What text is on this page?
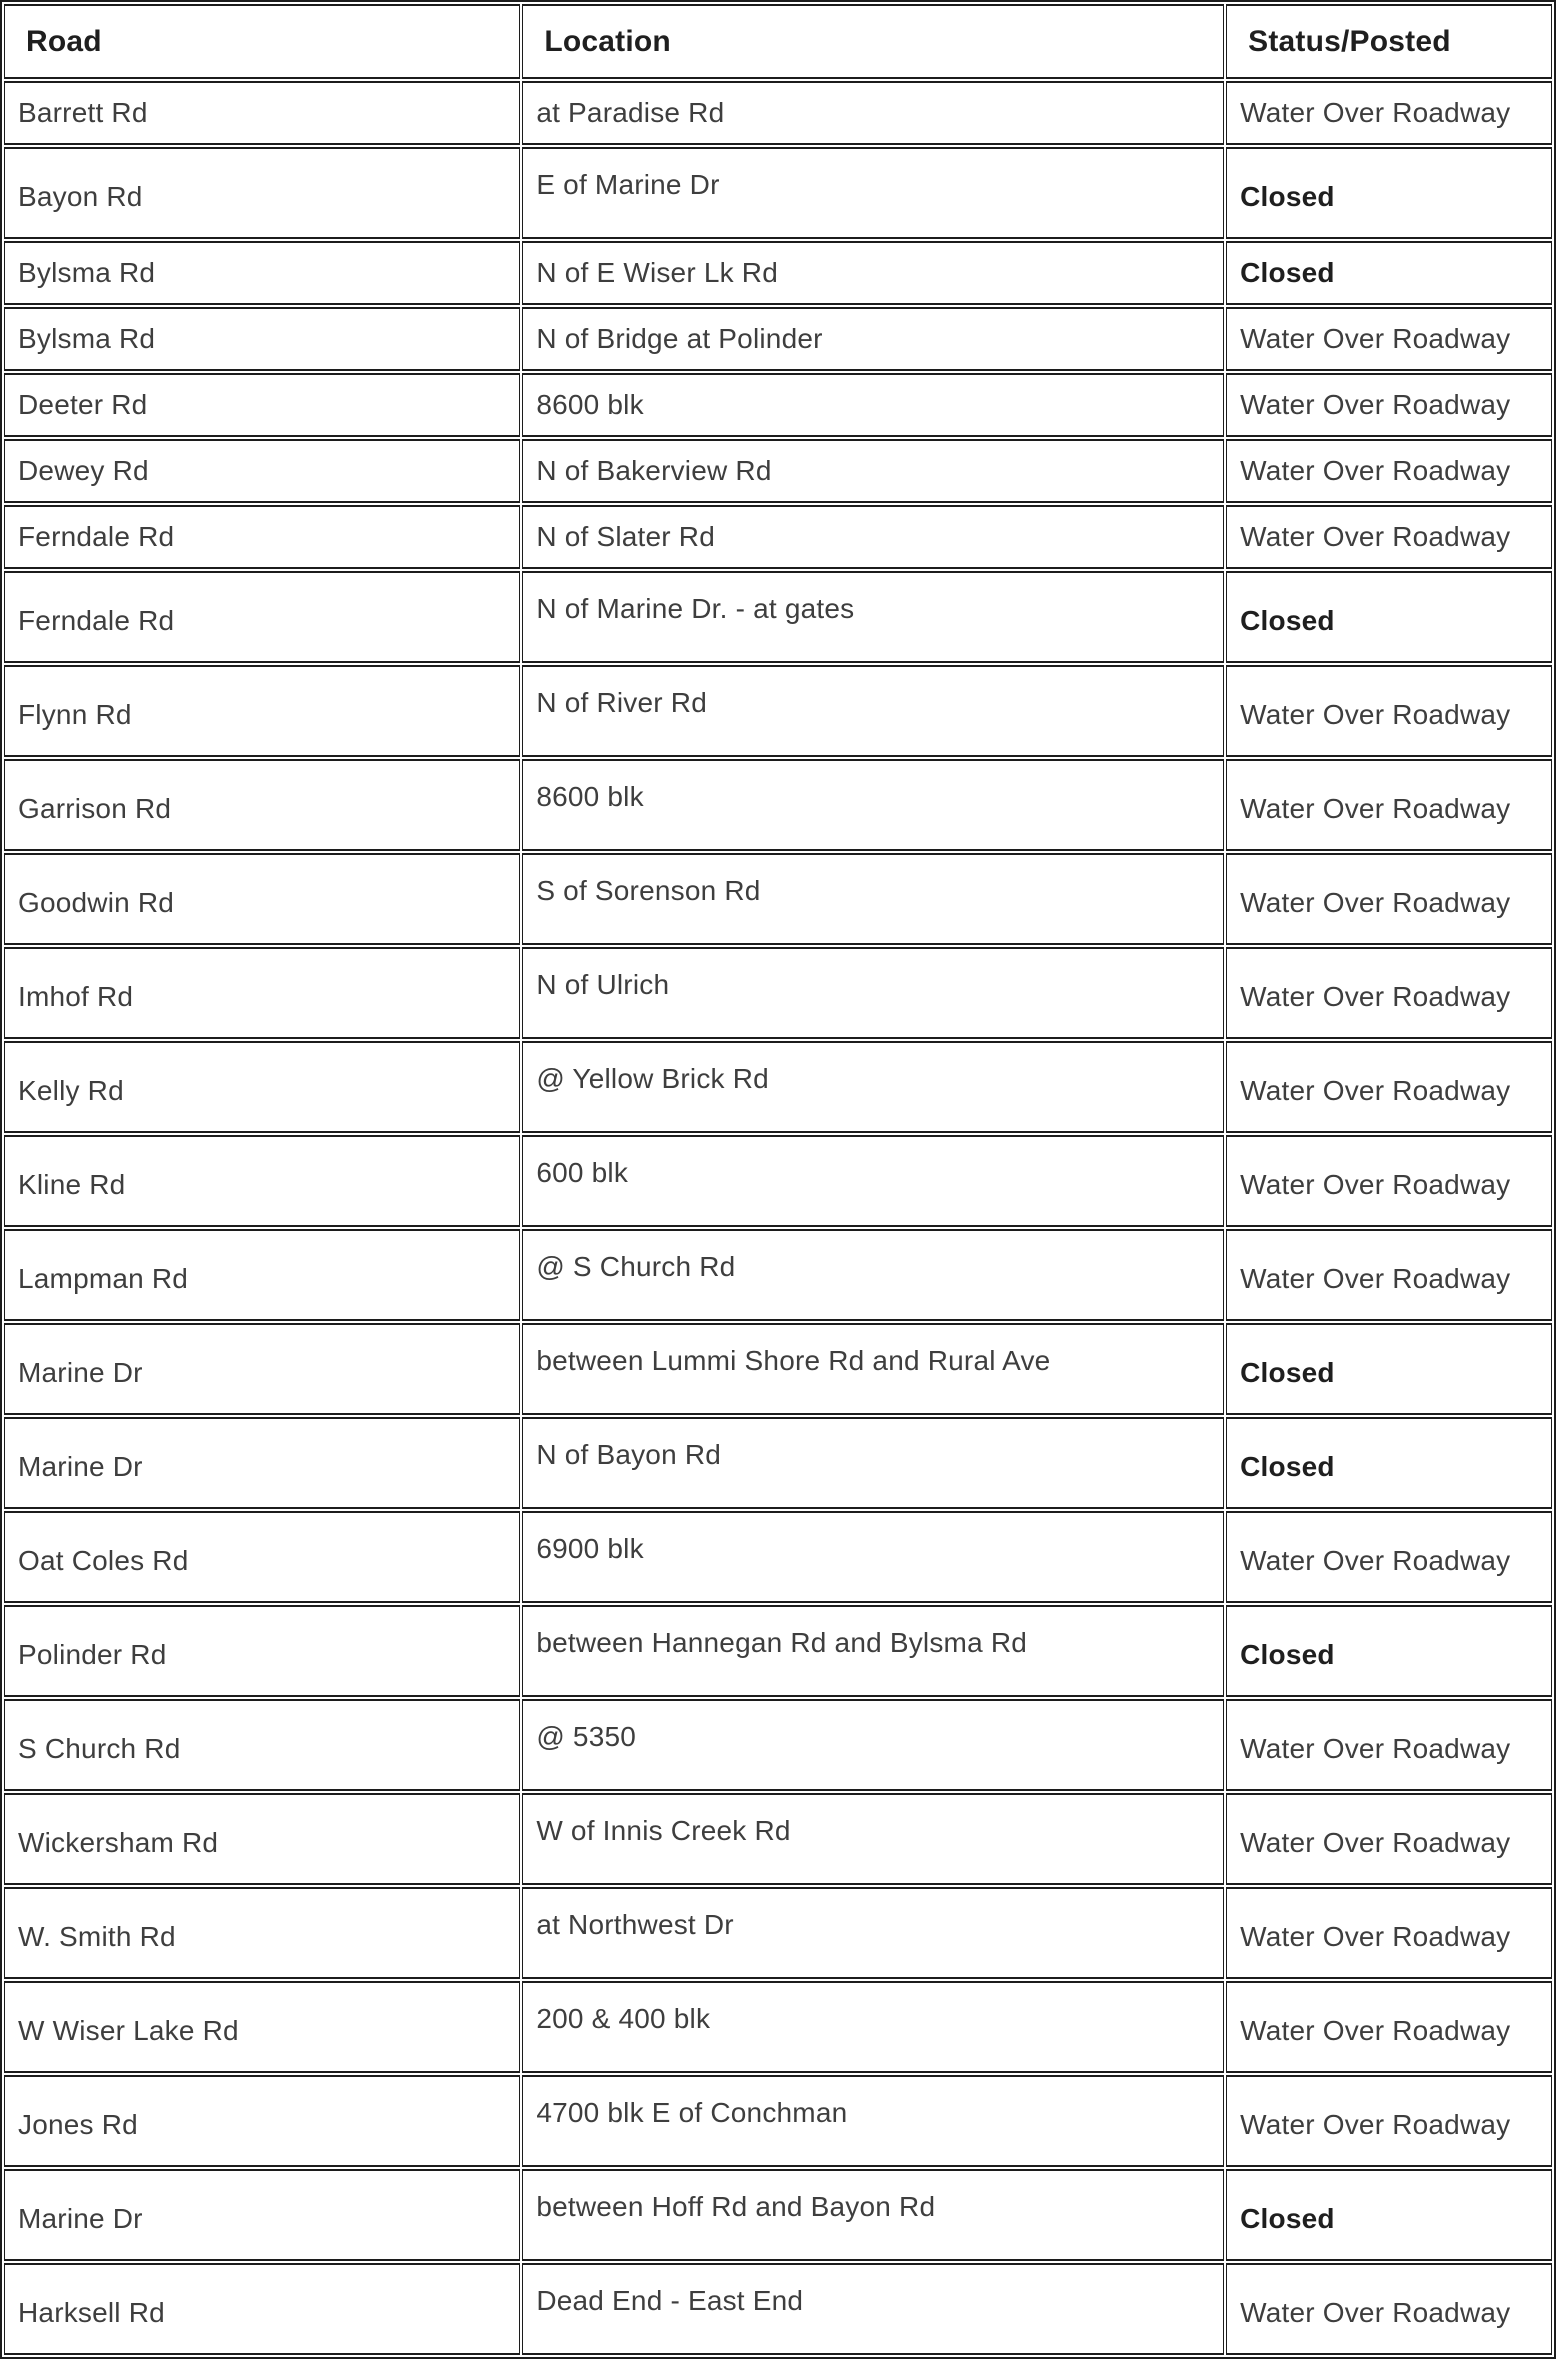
Road	Location	Status/Posted
Barrett Rd	at Paradise Rd	Water Over Roadway
Bayon Rd	E of Marine Dr	Closed
Bylsma Rd	N of E Wiser Lk Rd	Closed
Bylsma Rd	N of Bridge at Polinder	Water Over Roadway
Deeter Rd	8600 blk	Water Over Roadway
Dewey Rd	N of Bakerview Rd	Water Over Roadway
Ferndale Rd	N of Slater Rd	Water Over Roadway
Ferndale Rd	N of Marine Dr. - at gates	Closed
Flynn Rd	N of River Rd	Water Over Roadway
Garrison Rd	8600 blk	Water Over Roadway
Goodwin Rd	S of Sorenson Rd	Water Over Roadway
Imhof Rd	N of Ulrich	Water Over Roadway
Kelly Rd	@ Yellow Brick Rd	Water Over Roadway
Kline Rd	600 blk	Water Over Roadway
Lampman Rd	@ S Church Rd	Water Over Roadway
Marine Dr	between Lummi Shore Rd and Rural Ave	Closed
Marine Dr	N of Bayon Rd	Closed
Oat Coles Rd	6900 blk	Water Over Roadway
Polinder Rd	between Hannegan Rd and Bylsma Rd	Closed
S Church Rd	@ 5350	Water Over Roadway
Wickersham Rd	W of Innis Creek Rd	Water Over Roadway
W. Smith Rd	at Northwest Dr	Water Over Roadway
W Wiser Lake Rd	200 & 400 blk	Water Over Roadway
Jones Rd	4700 blk E of Conchman	Water Over Roadway
Marine Dr	between Hoff Rd and Bayon Rd	Closed
Harksell Rd	Dead End - East End	Water Over Roadway
